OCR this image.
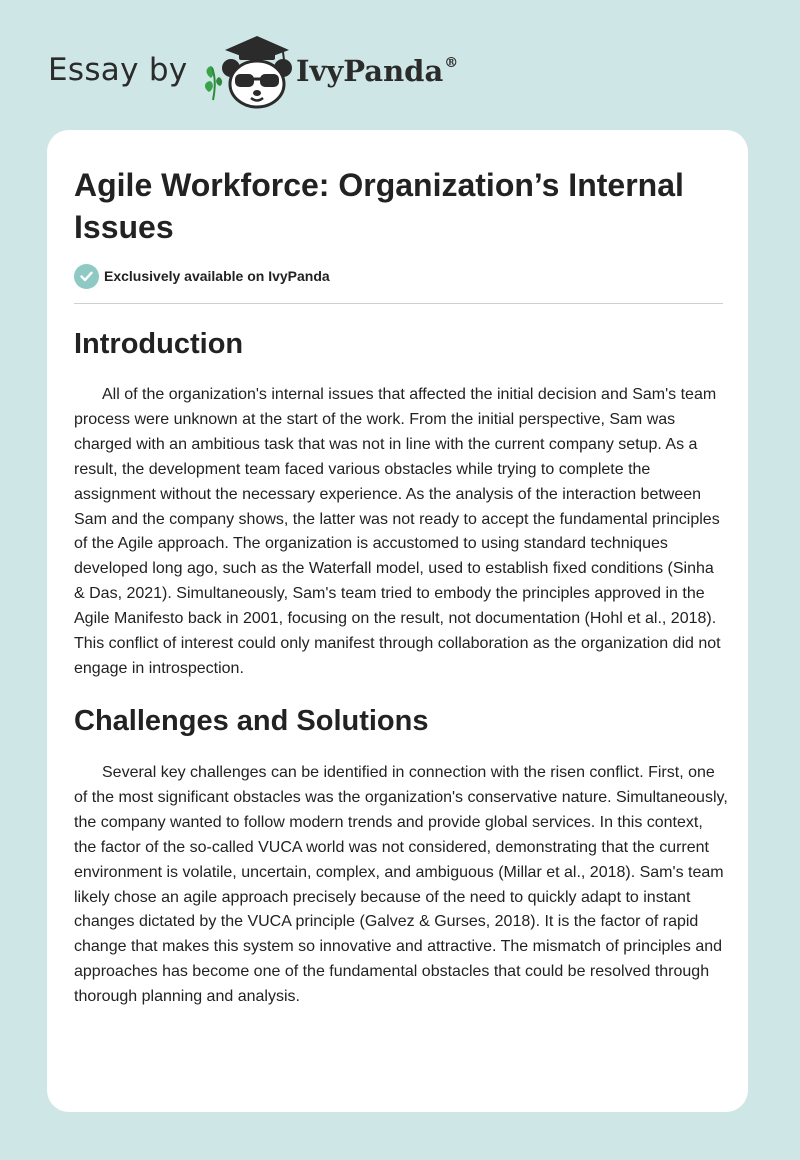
Essay by	IvyPanda®
Agile Workforce: Organization’s Internal Issues
Exclusively available on IvyPanda
Introduction

All of the organization's internal issues that affected the initial decision and Sam's team process were unknown at the start of the work. From the initial perspective, Sam was charged with an ambitious task that was not in line with the current company setup. As a result, the development team faced various obstacles while trying to complete the assignment without the necessary experience. As the analysis of the interaction between Sam and the company shows, the latter was not ready to accept the fundamental principles of the Agile approach. The organization is accustomed to using standard techniques developed long ago, such as the Waterfall model, used to establish fixed conditions (Sinha & Das, 2021). Simultaneously, Sam's team tried to embody the principles approved in the Agile Manifesto back in 2001, focusing on the result, not documentation (Hohl et al., 2018). This conflict of interest could only manifest through collaboration as the organization did not engage in introspection.

Challenges and Solutions

Several key challenges can be identified in connection with the risen conflict. First, one of the most significant obstacles was the organization's conservative nature. Simultaneously, the company wanted to follow modern trends and provide global services. In this context, the factor of the so-called VUCA world was not considered, demonstrating that the current environment is volatile, uncertain, complex, and ambiguous (Millar et al., 2018). Sam's team likely chose an agile approach precisely because of the need to quickly adapt to instant changes dictated by the VUCA principle (Galvez & Gurses, 2018). It is the factor of rapid change that makes this system so innovative and attractive. The mismatch of principles and approaches has become one of the fundamental obstacles that could be resolved through thorough planning and analysis.
